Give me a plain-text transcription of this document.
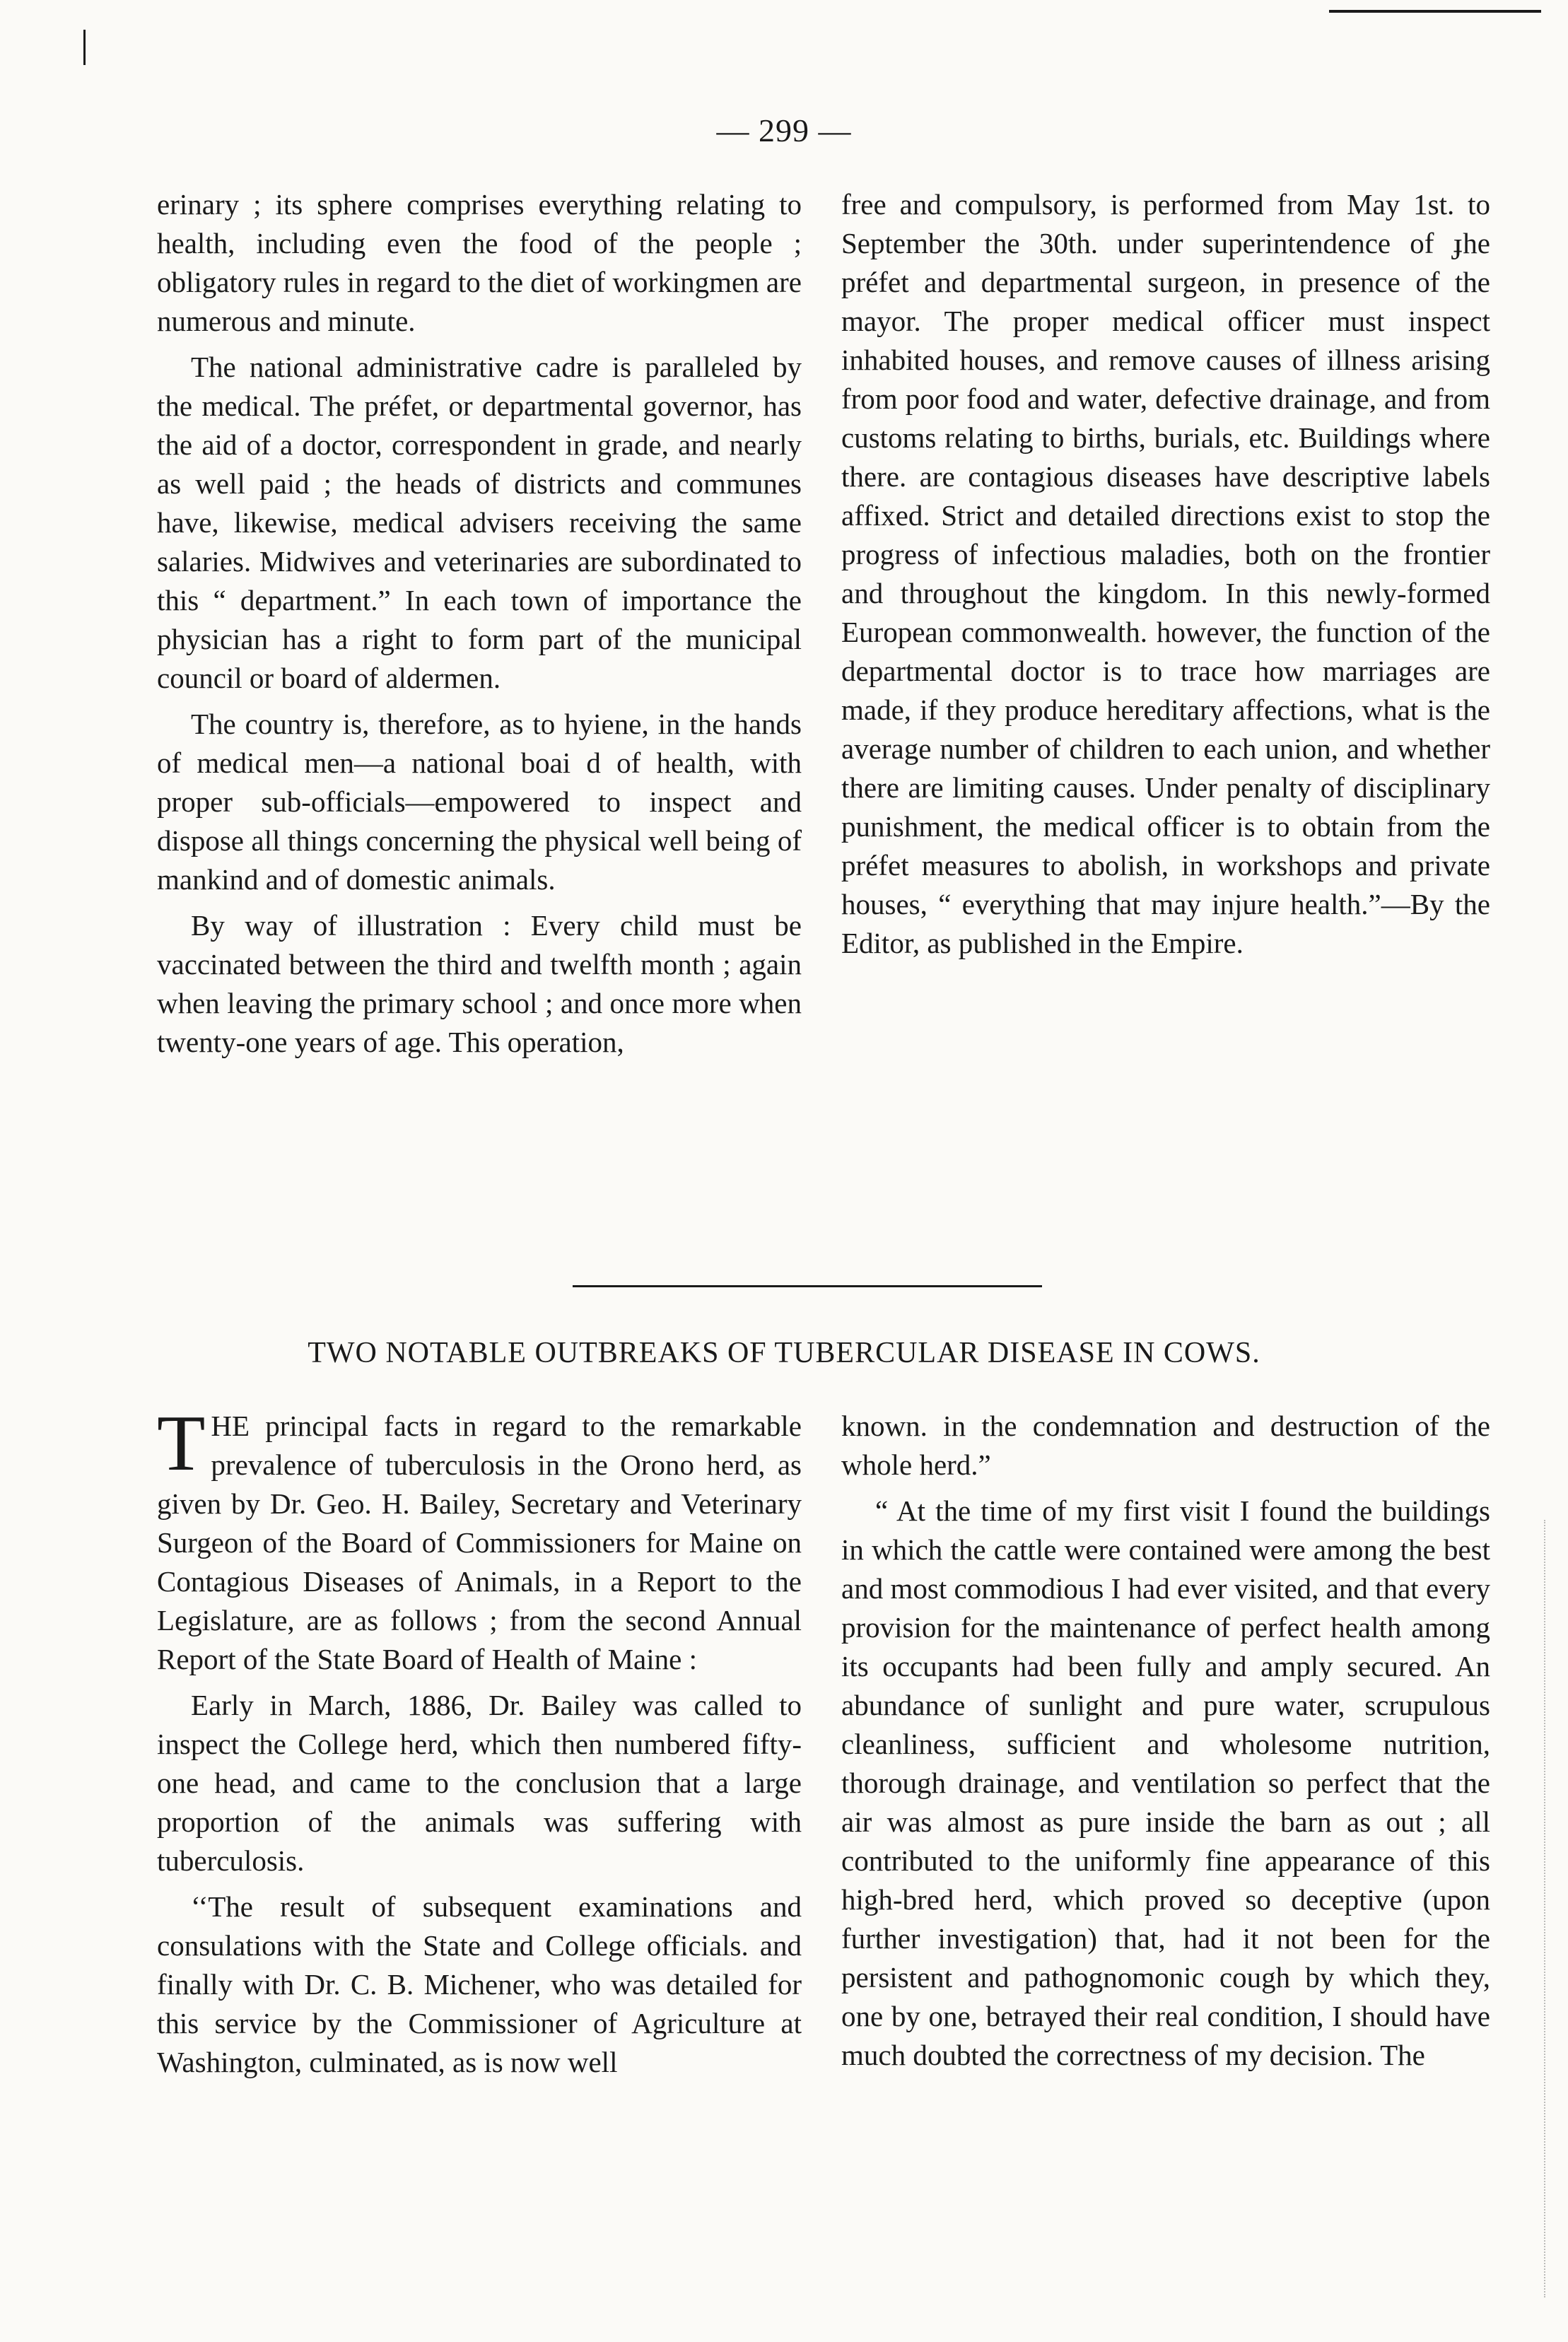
— 299 —

erinary ; its sphere comprises everything relating to health, including even the food of the people ; obligatory rules in regard to the diet of workingmen are numerous and minute.

The national administrative cadre is paralleled by the medical. The préfet, or departmental governor, has the aid of a doctor, correspondent in grade, and nearly as well paid ; the heads of districts and communes have, likewise, medical advisers receiving the same salaries. Midwives and veterinaries are subordinated to this “ department.” In each town of importance the physician has a right to form part of the municipal council or board of aldermen.

The country is, therefore, as to hyiene, in the hands of medical men—a national boai d of health, with proper sub-officials—empowered to inspect and dispose all things concerning the physical well being of mankind and of domestic animals.

By way of illustration : Every child must be vaccinated between the third and twelfth month ; again when leaving the primary school ; and once more when twenty-one years of age. This operation,

free and compulsory, is performed from May 1st. to September the 30th. under superintendence of ɟhe préfet and departmental surgeon, in presence of the mayor. The proper medical officer must inspect inhabited houses, and remove causes of illness arising from poor food and water, defective drainage, and from customs relating to births, burials, etc. Buildings where there. are contagious diseases have descriptive labels affixed. Strict and detailed directions exist to stop the progress of infectious maladies, both on the frontier and throughout the kingdom. In this newly-formed European commonwealth. however, the function of the departmental doctor is to trace how marriages are made, if they produce hereditary affections, what is the average number of children to each union, and whether there are limiting causes. Under penalty of disciplinary punishment, the medical officer is to obtain from the préfet measures to abolish, in workshops and private houses, “ everything that may injure health.”—By the Editor, as published in the Empire.

TWO NOTABLE OUTBREAKS OF TUBERCULAR DISEASE IN COWS.

THE principal facts in regard to the remarkable prevalence of tuberculosis in the Orono herd, as given by Dr. Geo. H. Bailey, Secretary and Veterinary Surgeon of the Board of Commissioners for Maine on Contagious Diseases of Animals, in a Report to the Legislature, are as follows ; from the second Annual Report of the State Board of Health of Maine :

Early in March, 1886, Dr. Bailey was called to inspect the College herd, which then numbered fifty-one head, and came to the conclusion that a large proportion of the animals was suffering with tuberculosis.

‘‘The result of subsequent examinations and consulations with the State and College officials. and finally with Dr. C. B. Michener, who was detailed for this service by the Commissioner of Agriculture at Washington, culminated, as is now well

known. in the condemnation and destruction of the whole herd.”

“ At the time of my first visit I found the buildings in which the cattle were contained were among the best and most commodious I had ever visited, and that every provision for the maintenance of perfect health among its occupants had been fully and amply secured. An abundance of sunlight and pure water, scrupulous cleanliness, sufficient and wholesome nutrition, thorough drainage, and ventilation so perfect that the air was almost as pure inside the barn as out ; all contributed to the uniformly fine appearance of this high-bred herd, which proved so deceptive (upon further investigation) that, had it not been for the persistent and pathognomonic cough by which they, one by one, betrayed their real condition, I should have much doubted the correctness of my decision. The
